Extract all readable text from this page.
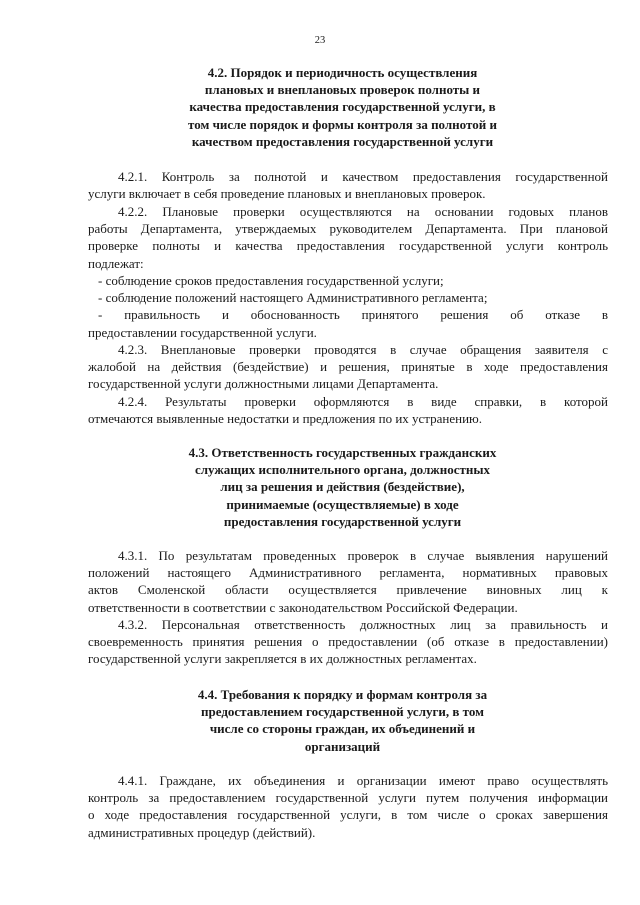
23
4.2. Порядок и периодичность осуществления
плановых и внеплановых проверок полноты и
качества предоставления государственной услуги, в
том числе порядок и формы контроля за полнотой и
качеством предоставления государственной услуги
4.2.1. Контроль за полнотой и качеством предоставления государственной
услуги включает в себя проведение плановых и внеплановых проверок.
4.2.2. Плановые проверки осуществляются на основании годовых планов
работы Департамента, утверждаемых руководителем Департамента. При плановой
проверке полноты и качества предоставления государственной услуги контроль
подлежат:
- соблюдение сроков предоставления государственной услуги;
- соблюдение положений настоящего Административного регламента;
- правильность и обоснованность принятого решения об отказе в
предоставлении государственной услуги.
4.2.3. Внеплановые проверки проводятся в случае обращения заявителя с
жалобой на действия (бездействие) и решения, принятые в ходе предоставления
государственной услуги должностными лицами Департамента.
4.2.4. Результаты проверки оформляются в виде справки, в которой
отмечаются выявленные недостатки и предложения по их устранению.
4.3. Ответственность государственных гражданских
служащих исполнительного органа, должностных
лиц за решения и действия (бездействие),
принимаемые (осуществляемые) в ходе
предоставления государственной услуги
4.3.1. По результатам проведенных проверок в случае выявления нарушений
положений настоящего Административного регламента, нормативных правовых
актов Смоленской области осуществляется привлечение виновных лиц к
ответственности в соответствии с законодательством Российской Федерации.
4.3.2. Персональная ответственность должностных лиц за правильность и
своевременность принятия решения о предоставлении (об отказе в предоставлении)
государственной услуги закрепляется в их должностных регламентах.
4.4. Требования к порядку и формам контроля за
предоставлением государственной услуги, в том
числе со стороны граждан, их объединений и
организаций
4.4.1. Граждане, их объединения и организации имеют право осуществлять
контроль за предоставлением государственной услуги путем получения информации
о ходе предоставления государственной услуги, в том числе о сроках завершения
административных процедур (действий).
